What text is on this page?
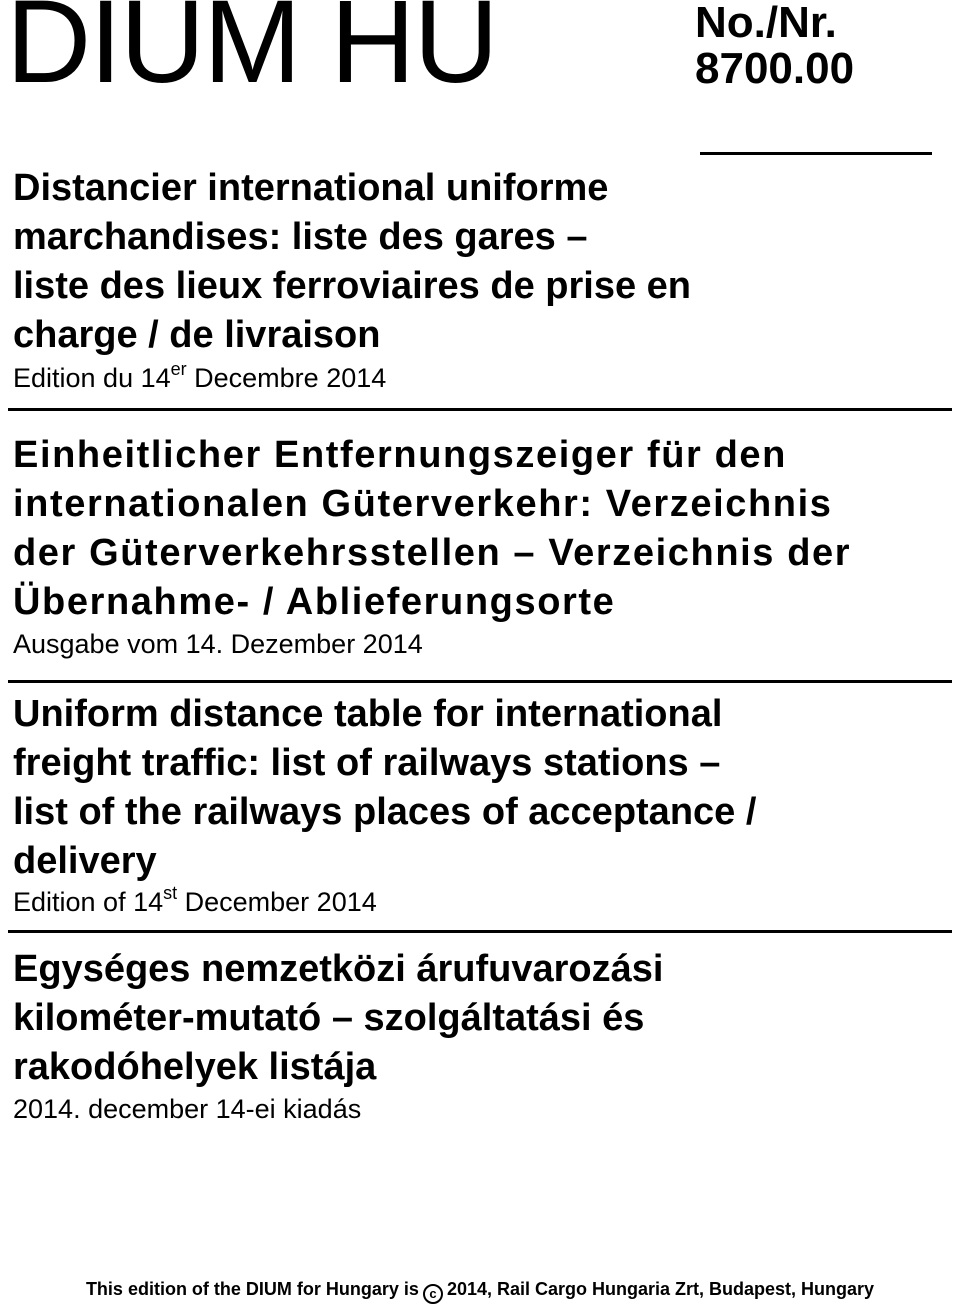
DIUM HU	No./Nr.
8700.00
Distancier international uniforme
marchandises: liste des gares –
liste des lieux ferroviaires de prise en
charge / de livraison
Edition du 14er Decembre 2014
Einheitlicher Entfernungszeiger für den
internationalen Güterverkehr: Verzeichnis
der Güterverkehrsstellen – Verzeichnis der
Übernahme- / Ablieferungsorte
Ausgabe vom 14. Dezember 2014
Uniform distance table for international
freight traffic: list of railways stations –
list of the railways places of acceptance /
delivery
Edition of 14st December 2014
Egységes nemzetközi árufuvarozási
kilométer-mutató – szolgáltatási és
rakodóhelyek listája
2014. december 14-ei kiadás
This edition of the DIUM for Hungary is c 2014, Rail Cargo Hungaria Zrt, Budapest, Hungary
